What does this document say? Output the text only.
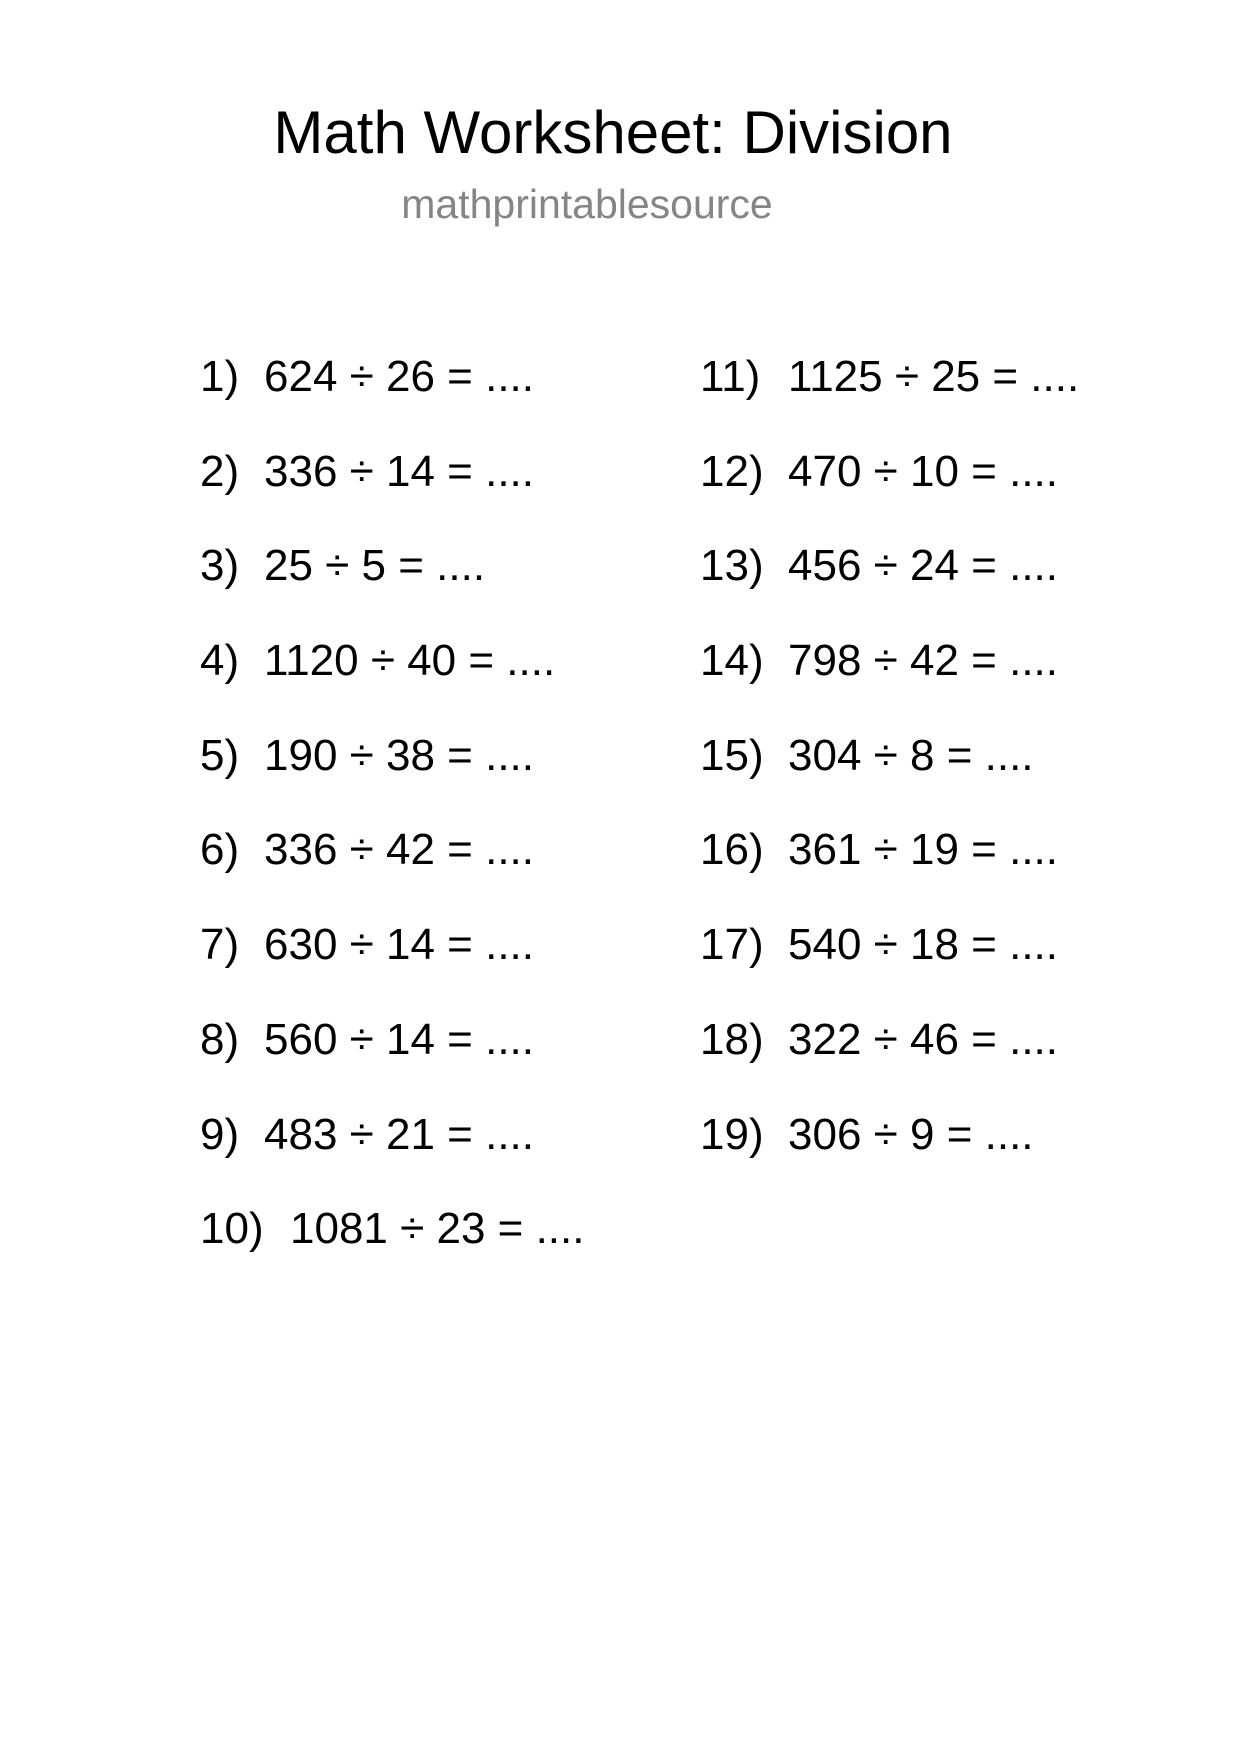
Math Worksheet: Division
mathprintablesource
1) 624 ÷ 26 = ....
2) 336 ÷ 14 = ....
3) 25 ÷ 5 = ....
4) 1120 ÷ 40 = ....
5) 190 ÷ 38 = ....
6) 336 ÷ 42 = ....
7) 630 ÷ 14 = ....
8) 560 ÷ 14 = ....
9) 483 ÷ 21 = ....
10) 1081 ÷ 23 = ....
11) 1125 ÷ 25 = ....
12) 470 ÷ 10 = ....
13) 456 ÷ 24 = ....
14) 798 ÷ 42 = ....
15) 304 ÷ 8 = ....
16) 361 ÷ 19 = ....
17) 540 ÷ 18 = ....
18) 322 ÷ 46 = ....
19) 306 ÷ 9 = ....
